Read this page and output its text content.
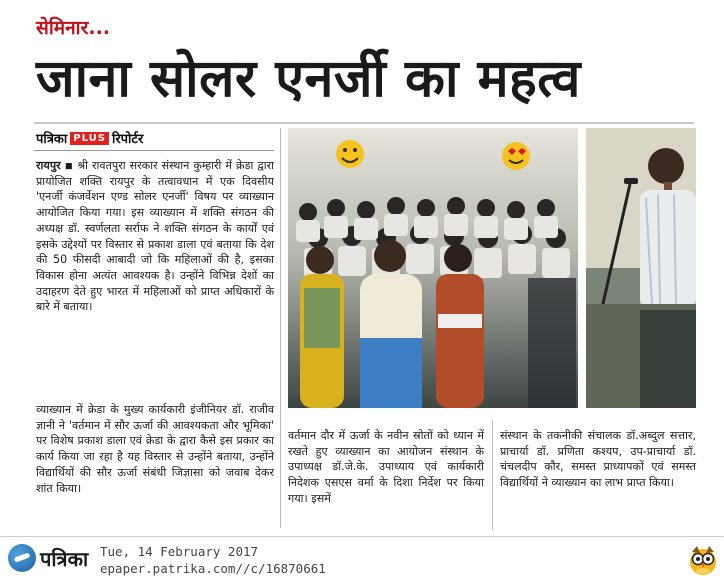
सेमिनार...
जाना सोलर एनर्जी का महत्व
पत्रिका PLUS रिपोर्टर

रायपुर ◾ श्री रावतपुरा सरकार संस्थान कुम्हारी में क्रेडा द्वारा प्रायोजित शक्ति रायपुर के तत्वावधान में एक दिवसीय 'एनर्जी कंजर्वेशन एण्ड सोलर एनर्जी' विषय पर व्याख्यान आयोजित किया गया। इस व्याख्यान में शक्ति संगठन की अध्यक्ष डॉ. स्वर्णलता सर्राफ ने शक्ति संगठन के कार्यों एवं इसके उद्देश्यों पर विस्तार से प्रकाश डाला एवं बताया कि देश की 50 फीसदी आबादी जो कि महिलाओं की है, इसका विकास होना अत्यंत आवश्यक है। उन्होंने विभिन्न देशों का उदाहरण देते हुए भारत में महिलाओं को प्राप्त अधिकारों के बारे में बताया।

व्याख्यान में क्रेडा के मुख्य कार्यकारी इंजीनियर डॉ. राजीव ज्ञानी ने 'वर्तमान में सौर ऊर्जा की आवश्यकता और भूमिका' पर विशेष प्रकाश डाला एवं क्रेडा के द्वारा कैसे इस प्रकार का कार्य किया जा रहा है यह विस्तार से उन्होंने बताया, उन्होंने विद्यार्थियों की सौर ऊर्जा संबंधी जिज्ञासा को जवाब देकर शांत किया।

वर्तमान दौर में ऊर्जा के नवीन स्रोतों को ध्यान में रखते हुए व्याख्यान का आयोजन संस्थान के उपाध्यक्ष डॉ.जे.के. उपाध्याय एवं कार्यकारी निदेशक एसएस वर्मा के दिशा निर्देश पर किया गया। इसमें

संस्थान के तकनीकी संचालक डॉ.अब्दुल सत्तार, प्राचार्या डॉ. प्रणिता कश्यप, उप-प्राचार्या डॉ. चंचलदीप कौर, समस्त प्राध्यापकों एवं समस्त विद्यार्थियों ने व्याख्यान का लाभ प्राप्त किया।

पत्रिका Tue, 14 February 2017
epaper.patrika.com//c/16870661
